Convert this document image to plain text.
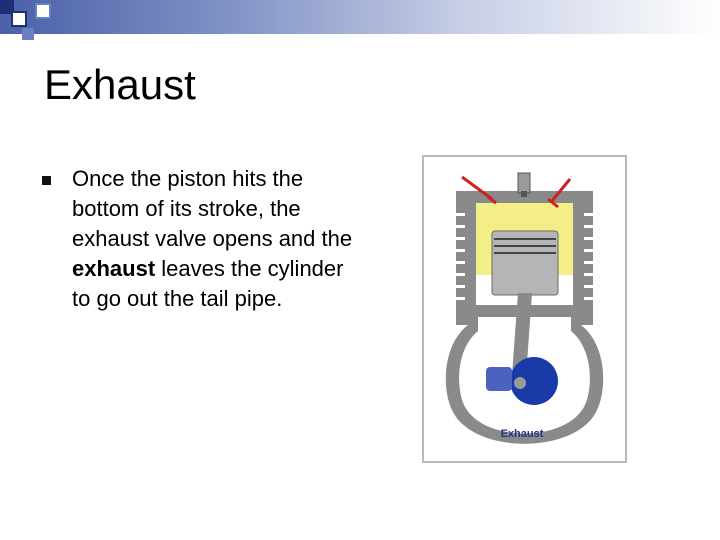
Exhaust
Once the piston hits the bottom of its stroke, the exhaust valve opens and the exhaust leaves the cylinder to go out the tail pipe.
Exhaust
